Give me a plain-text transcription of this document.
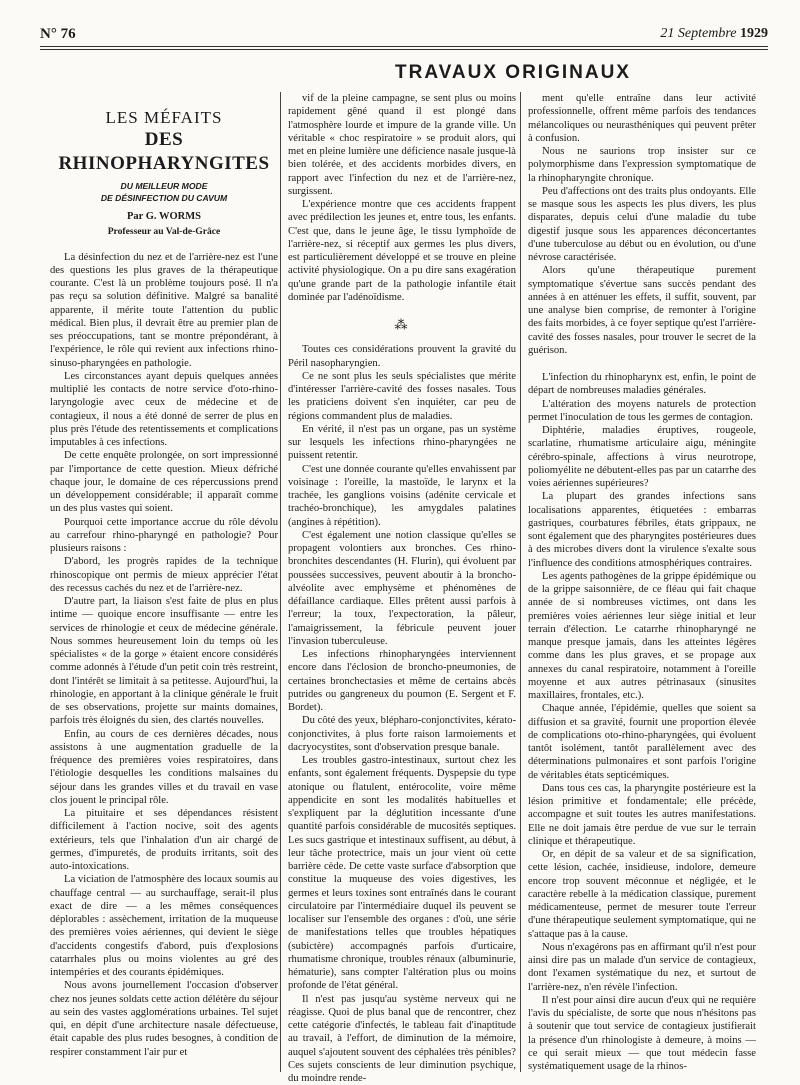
N° 76	21 Septembre 1929
TRAVAUX ORIGINAUX
LES MÉFAITS
DES RHINOPHARYNGITES
DU MEILLEUR MODE
DE DÉSINFECTION DU CAVUM
Par G. WORMS
Professeur au Val-de-Grâce

La désinfection du nez et de l'arrière-nez est l'une des questions les plus graves de la thérapeutique courante. C'est là un problème toujours posé. Il n'a pas reçu sa solution définitive. Malgré sa banalité apparente, il mérite toute l'attention du public médical. Bien plus, il devrait être au premier plan de ses préoccupations, tant se montre prépondérant, à l'expérience, le rôle qui revient aux infections rhino-sinuso-pharyngées en pathologie.

Les circonstances ayant depuis quelques années multiplié les contacts de notre service d'oto-rhino-laryngologie avec ceux de médecine et de contagieux, il nous a été donné de serrer de plus en plus près l'étude des retentissements et complications imputables à ces infections.

De cette enquête prolongée, on sort impressionné par l'importance de cette question. Mieux défriché chaque jour, le domaine de ces répercussions prend un développement considérable; il apparaît comme un des plus vastes qui soient.

Pourquoi cette importance accrue du rôle dévolu au carrefour rhino-pharyngé en pathologie? Pour plusieurs raisons :

D'abord, les progrès rapides de la technique rhinoscopique ont permis de mieux apprécier l'état des recessus cachés du nez et de l'arrière-nez.

D'autre part, la liaison s'est faite de plus en plus intime — quoique encore insuffisante — entre les services de rhinologie et ceux de médecine générale. Nous sommes heureusement loin du temps où les spécialistes « de la gorge » étaient encore considérés comme adonnés à l'étude d'un petit coin très restreint, dont l'intérêt se limitait à sa petitesse. Aujourd'hui, la rhinologie, en apportant à la clinique générale le fruit de ses observations, projette sur maints domaines, parfois très éloignés du sien, des clartés nouvelles.

Enfin, au cours de ces dernières décades, nous assistons à une augmentation graduelle de la fréquence des premières voies respiratoires, dans l'étiologie desquelles les conditions malsaines du séjour dans les grandes villes et du travail en vase clos jouent le principal rôle.

La pituitaire et ses dépendances résistent difficilement à l'action nocive, soit des agents extérieurs, tels que l'inhalation d'un air chargé de germes, d'impuretés, de produits irritants, soit des auto-intoxications.

La viciation de l'atmosphère des locaux soumis au chauffage central — au surchauffage, serait-il plus exact de dire — a les mêmes conséquences déplorables : assèchement, irritation de la muqueuse des premières voies aériennes, qui devient le siège d'accidents congestifs d'abord, puis d'explosions catarrhales plus ou moins violentes au gré des intempéries et des courants épidémiques.

Nous avons journellement l'occasion d'observer chez nos jeunes soldats cette action délétère du séjour au sein des vastes agglomérations urbaines. Tel sujet qui, en dépit d'une architecture nasale défectueuse, était capable des plus rudes besognes, à condition de respirer constamment l'air pur et

vif de la pleine campagne, se sent plus ou moins rapidement gêné quand il est plongé dans l'atmosphère lourde et impure de la grande ville. Un véritable « choc respiratoire » se produit alors, qui met en pleine lumière une déficience nasale jusque-là bien tolérée, et des accidents morbides divers, en rapport avec l'infection du nez et de l'arrière-nez, surgissent.

L'expérience montre que ces accidents frappent avec prédilection les jeunes et, entre tous, les enfants. C'est que, dans le jeune âge, le tissu lymphoïde de l'arrière-nez, si réceptif aux germes les plus divers, est particulièrement développé et se trouve en pleine activité physiologique. On a pu dire sans exagération qu'une grande part de la pathologie infantile était dominée par l'adénoïdisme.

⁂

Toutes ces considérations prouvent la gravité du Péril nasopharyngien.

Ce ne sont plus les seuls spécialistes que mérite d'intéresser l'arrière-cavité des fosses nasales. Tous les praticiens doivent s'en inquiéter, car peu de régions commandent plus de maladies.

En vérité, il n'est pas un organe, pas un système sur lesquels les infections rhino-pharyngées ne puissent retentir.

C'est une donnée courante qu'elles envahissent par voisinage : l'oreille, la mastoïde, le larynx et la trachée, les ganglions voisins (adénite cervicale et trachéo-bronchique), les amygdales palatines (angines à répétition).

C'est également une notion classique qu'elles se propagent volontiers aux bronches. Ces rhino-bronchites descendantes (H. Flurin), qui évoluent par poussées successives, peuvent aboutir à la broncho-alvéolite avec emphysème et phénomènes de défaillance cardiaque. Elles prêtent aussi parfois à l'erreur; la toux, l'expectoration, la pâleur, l'amaigrissement, la fébricule peuvent jouer l'invasion tuberculeuse.

Les infections rhinopharyngées interviennent encore dans l'éclosion de broncho-pneumonies, de certaines bronchectasies et même de certains abcès putrides ou gangreneux du poumon (E. Sergent et F. Bordet).

Du côté des yeux, blépharo-conjonctivites, kérato-conjonctivites, à plus forte raison larmoiements et dacryocystites, sont d'observation presque banale.

Les troubles gastro-intestinaux, surtout chez les enfants, sont également fréquents. Dyspepsie du type atonique ou flatulent, entérocolite, voire même appendicite en sont les modalités habituelles et s'expliquent par la déglutition incessante d'une quantité parfois considérable de mucosités septiques. Les sucs gastrique et intestinaux suffisent, au début, à leur tâche protectrice, mais un jour vient où cette barrière cède. De cette vaste surface d'absorption que constitue la muqueuse des voies digestives, les germes et leurs toxines sont entraînés dans le courant circulatoire par l'intermédiaire duquel ils peuvent se localiser sur l'ensemble des organes : d'où, une série de manifestations telles que troubles hépatiques (subictère) accompagnés parfois d'urticaire, rhumatisme chronique, troubles rénaux (albuminurie, hématurie), sans compter l'altération plus ou moins profonde de l'état général.

Il n'est pas jusqu'au système nerveux qui ne réagisse. Quoi de plus banal que de rencontrer, chez cette catégorie d'infectés, le tableau fait d'inaptitude au travail, à l'effort, de diminution de la mémoire, auquel s'ajoutent souvent des céphalées très pénibles? Ces sujets conscients de leur diminution psychique, du moindre rende-

ment qu'elle entraîne dans leur activité professionnelle, offrent même parfois des tendances mélancoliques ou neurasthéniques qui peuvent prêter à confusion.

Nous ne saurions trop insister sur ce polymorphisme dans l'expression symptomatique de la rhinopharyngite chronique.

Peu d'affections ont des traits plus ondoyants. Elle se masque sous les aspects les plus divers, les plus disparates, depuis celui d'une maladie du tube digestif jusque sous les apparences déconcertantes d'une tuberculose au début ou en évolution, ou d'une névrose caractérisée.

Alors qu'une thérapeutique purement symptomatique s'évertue sans succès pendant des années à en atténuer les effets, il suffit, souvent, par une analyse bien comprise, de remonter à l'origine des faits morbides, à ce foyer septique qu'est l'arrière-cavité des fosses nasales, pour trouver le secret de la guérison.

L'infection du rhinopharynx est, enfin, le point de départ de nombreuses maladies générales.

L'altération des moyens naturels de protection permet l'inoculation de tous les germes de contagion.

Diphtérie, maladies éruptives, rougeole, scarlatine, rhumatisme articulaire aigu, méningite cérébro-spinale, affections à virus neurotrope, poliomyélite ne débutent-elles pas par un catarrhe des voies aériennes supérieures?

La plupart des grandes infections sans localisations apparentes, étiquetées : embarras gastriques, courbatures fébriles, états grippaux, ne sont également que des pharyngites postérieures dues à des microbes divers dont la virulence s'exalte sous l'influence des conditions atmosphériques contraires.

Les agents pathogènes de la grippe épidémique ou de la grippe saisonnière, de ce fléau qui fait chaque année de si nombreuses victimes, ont dans les premières voies aériennes leur siège initial et leur terrain d'élection. Le catarrhe rhinopharyngé ne manque presque jamais, dans les atteintes légères comme dans les plus graves, et se propage aux annexes du canal respiratoire, notamment à l'oreille moyenne et aux autres pétrinasaux (sinusites maxillaires, frontales, etc.).

Chaque année, l'épidémie, quelles que soient sa diffusion et sa gravité, fournit une proportion élevée de complications oto-rhino-pharyngées, qui évoluent tantôt isolément, tantôt parallèlement avec des déterminations pulmonaires et sont parfois l'origine de véritables états septicémiques.

Dans tous ces cas, la pharyngite postérieure est la lésion primitive et fondamentale; elle précède, accompagne et suit toutes les autres manifestations. Elle ne doit jamais être perdue de vue sur le terrain clinique et thérapeutique.

Or, en dépit de sa valeur et de sa signification, cette lésion, cachée, insidieuse, indolore, demeure encore trop souvent méconnue et négligée, et le caractère rebelle à la médication classique, purement médicamenteuse, permet de mesurer toute l'erreur d'une thérapeutique seulement symptomatique, qui ne s'attaque pas à la cause.

Nous n'exagérons pas en affirmant qu'il n'est pour ainsi dire pas un malade d'un service de contagieux, dont l'examen systématique du nez, et surtout de l'arrière-nez, n'en révèle l'infection.

Il n'est pour ainsi dire aucun d'eux qui ne requière l'avis du spécialiste, de sorte que nous n'hésitons pas à soutenir que tout service de contagieux justifierait la présence d'un rhinologiste à demeure, à moins — ce qui serait mieux — que tout médecin fasse systématiquement usage de la rhinos-
